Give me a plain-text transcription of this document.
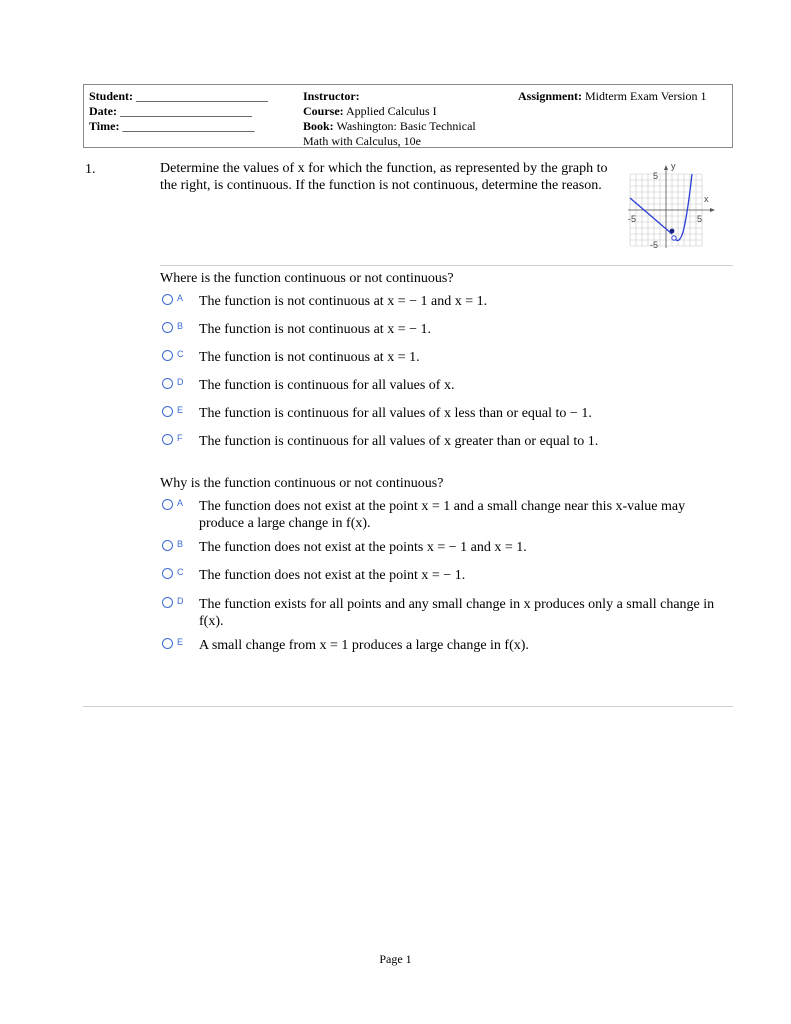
Student: ______________________
Date: ______________________
Time: ______________________
Instructor:
Course: Applied Calculus I
Book: Washington: Basic Technical
Math with Calculus, 10e
Assignment: Midterm Exam Version 1
1.	Determine the values of x for which the function, as represented by the graph to the right, is continuous. If the function is not continuous, determine the reason.
y
x
5
-5
-5	5
Where is the function continuous or not continuous?
A The function is not continuous at x = − 1 and x = 1.
B The function is not continuous at x = − 1.
C The function is not continuous at x = 1.
D The function is continuous for all values of x.
E The function is continuous for all values of x less than or equal to − 1.
F The function is continuous for all values of x greater than or equal to 1.
Why is the function continuous or not continuous?
A The function does not exist at the point x = 1 and a small change near this x-value may produce a large change in f(x).
B The function does not exist at the points x = − 1 and x = 1.
C The function does not exist at the point x = − 1.
D The function exists for all points and any small change in x produces only a small change in f(x).
E A small change from x = 1 produces a large change in f(x).
Page 1
